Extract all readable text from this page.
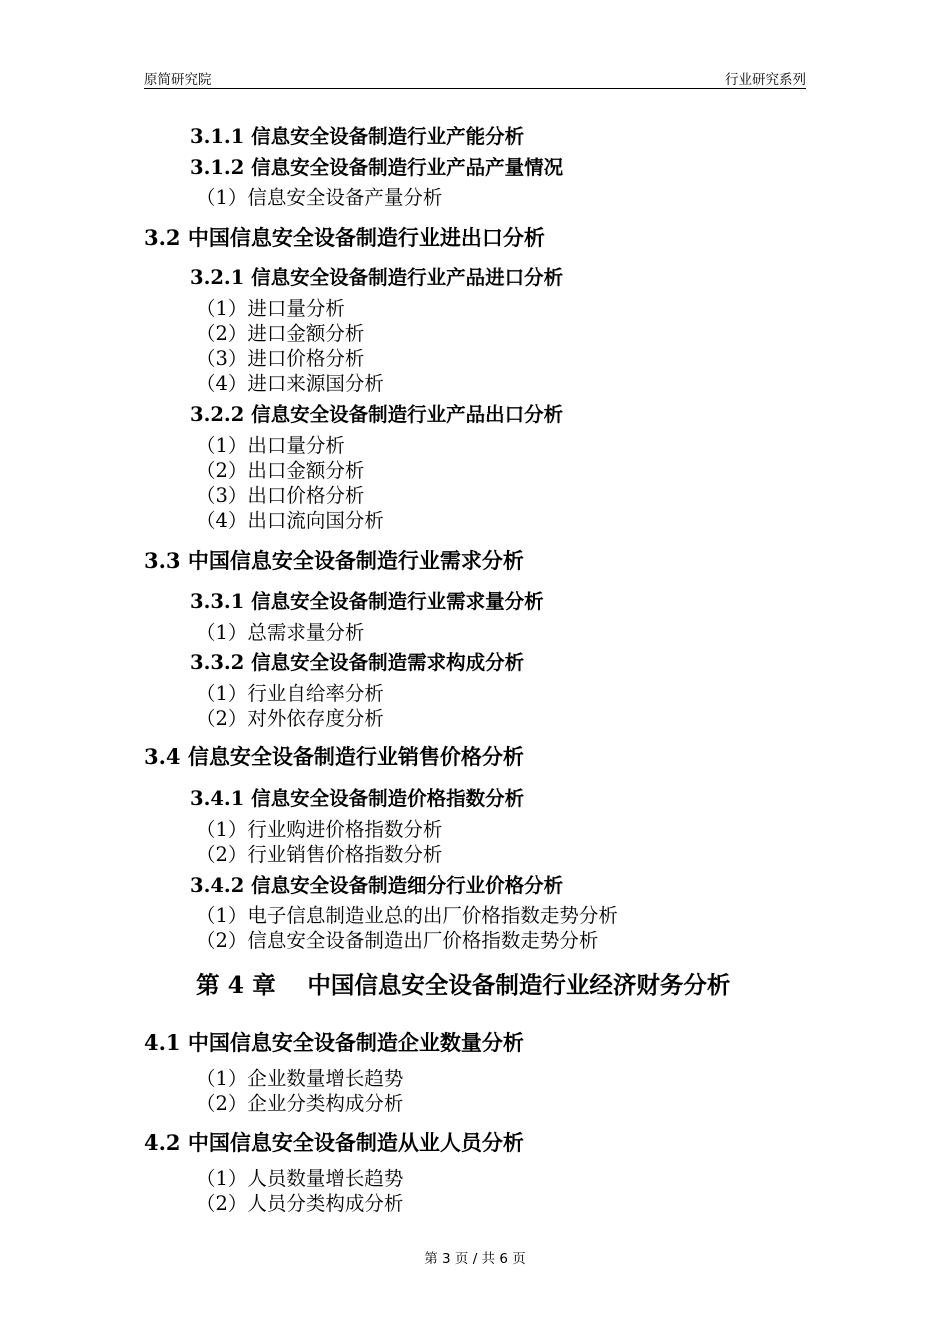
原简研究院	行业研究系列
3.1.1 信息安全设备制造行业产能分析
3.1.2 信息安全设备制造行业产品产量情况
（1）信息安全设备产量分析
3.2 中国信息安全设备制造行业进出口分析
3.2.1 信息安全设备制造行业产品进口分析
（1）进口量分析
（2）进口金额分析
（3）进口价格分析
（4）进口来源国分析
3.2.2 信息安全设备制造行业产品出口分析
（1）出口量分析
（2）出口金额分析
（3）出口价格分析
（4）出口流向国分析
3.3 中国信息安全设备制造行业需求分析
3.3.1 信息安全设备制造行业需求量分析
（1）总需求量分析
3.3.2 信息安全设备制造需求构成分析
（1）行业自给率分析
（2）对外依存度分析
3.4 信息安全设备制造行业销售价格分析
3.4.1 信息安全设备制造价格指数分析
（1）行业购进价格指数分析
（2）行业销售价格指数分析
3.4.2 信息安全设备制造细分行业价格分析
（1）电子信息制造业总的出厂价格指数走势分析
（2）信息安全设备制造出厂价格指数走势分析
第 4 章　 中国信息安全设备制造行业经济财务分析
4.1 中国信息安全设备制造企业数量分析
（1）企业数量增长趋势
（2）企业分类构成分析
4.2 中国信息安全设备制造从业人员分析
（1）人员数量增长趋势
（2）人员分类构成分析
第 3 页 / 共 6 页
